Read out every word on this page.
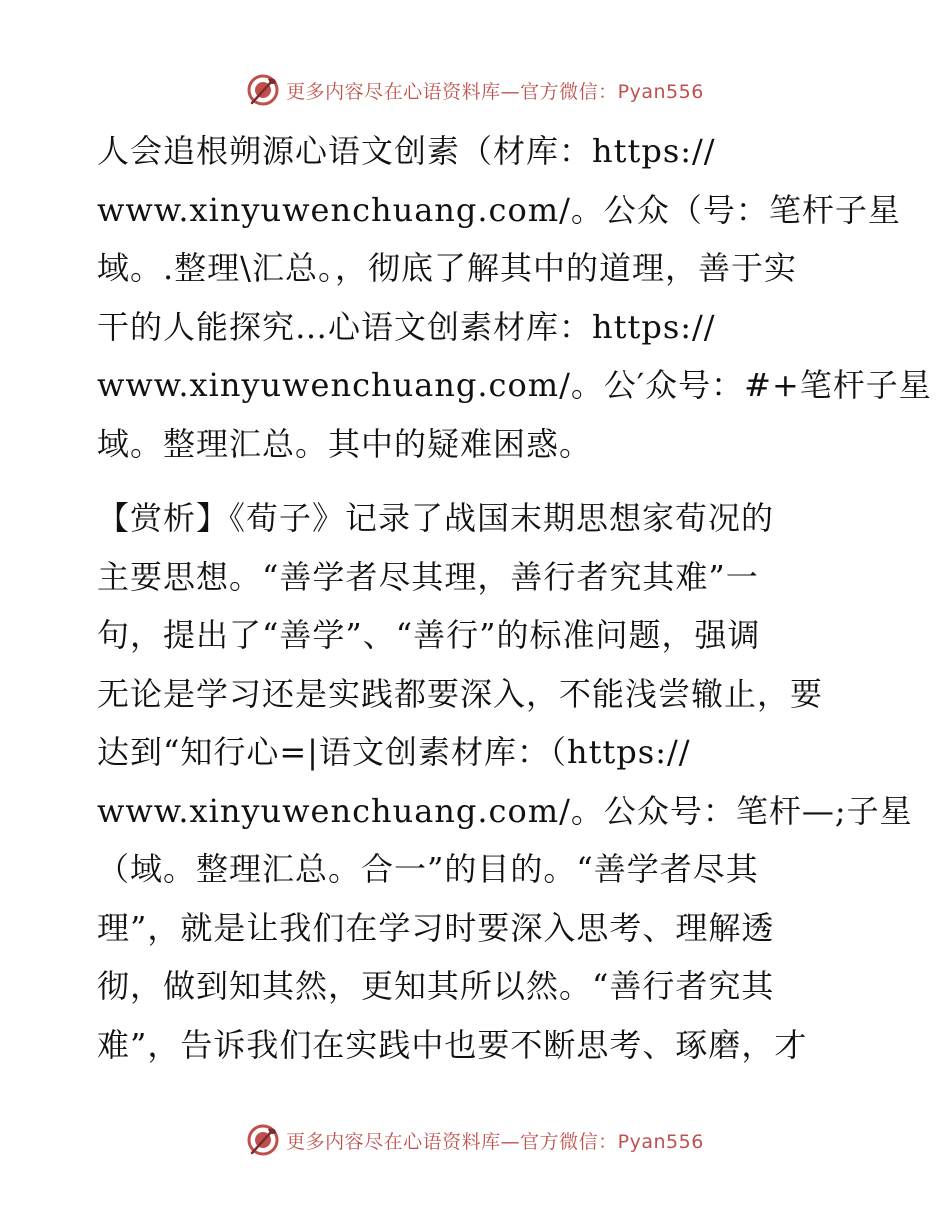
更多内容尽在心语资料库—官方微信：Pyan556

人会追根朔源心语文创素（材库：https://
www.xinyuwenchuang.com/。公众（号：笔杆子星
域。.整理\汇总。，彻底了解其中的道理，善于实
干的人能探究…心语文创素材库：https://
www.xinyuwenchuang.com/。公′众号：#+笔杆子星
域。整理汇总。其中的疑难困惑。

【赏析】《荀子》记录了战国末期思想家荀况的
主要思想。“善学者尽其理，善行者究其难”一
句，提出了“善学”、“善行”的标准问题，强调
无论是学习还是实践都要深入，不能浅尝辙止，要
达到“知行心=|语文创素材库：（https://
www.xinyuwenchuang.com/。公众号：笔杆—;子星
（域。整理汇总。合一”的目的。“善学者尽其
理”，就是让我们在学习时要深入思考、理解透
彻，做到知其然，更知其所以然。“善行者究其
难”，告诉我们在实践中也要不断思考、琢磨，才

更多内容尽在心语资料库—官方微信：Pyan556
